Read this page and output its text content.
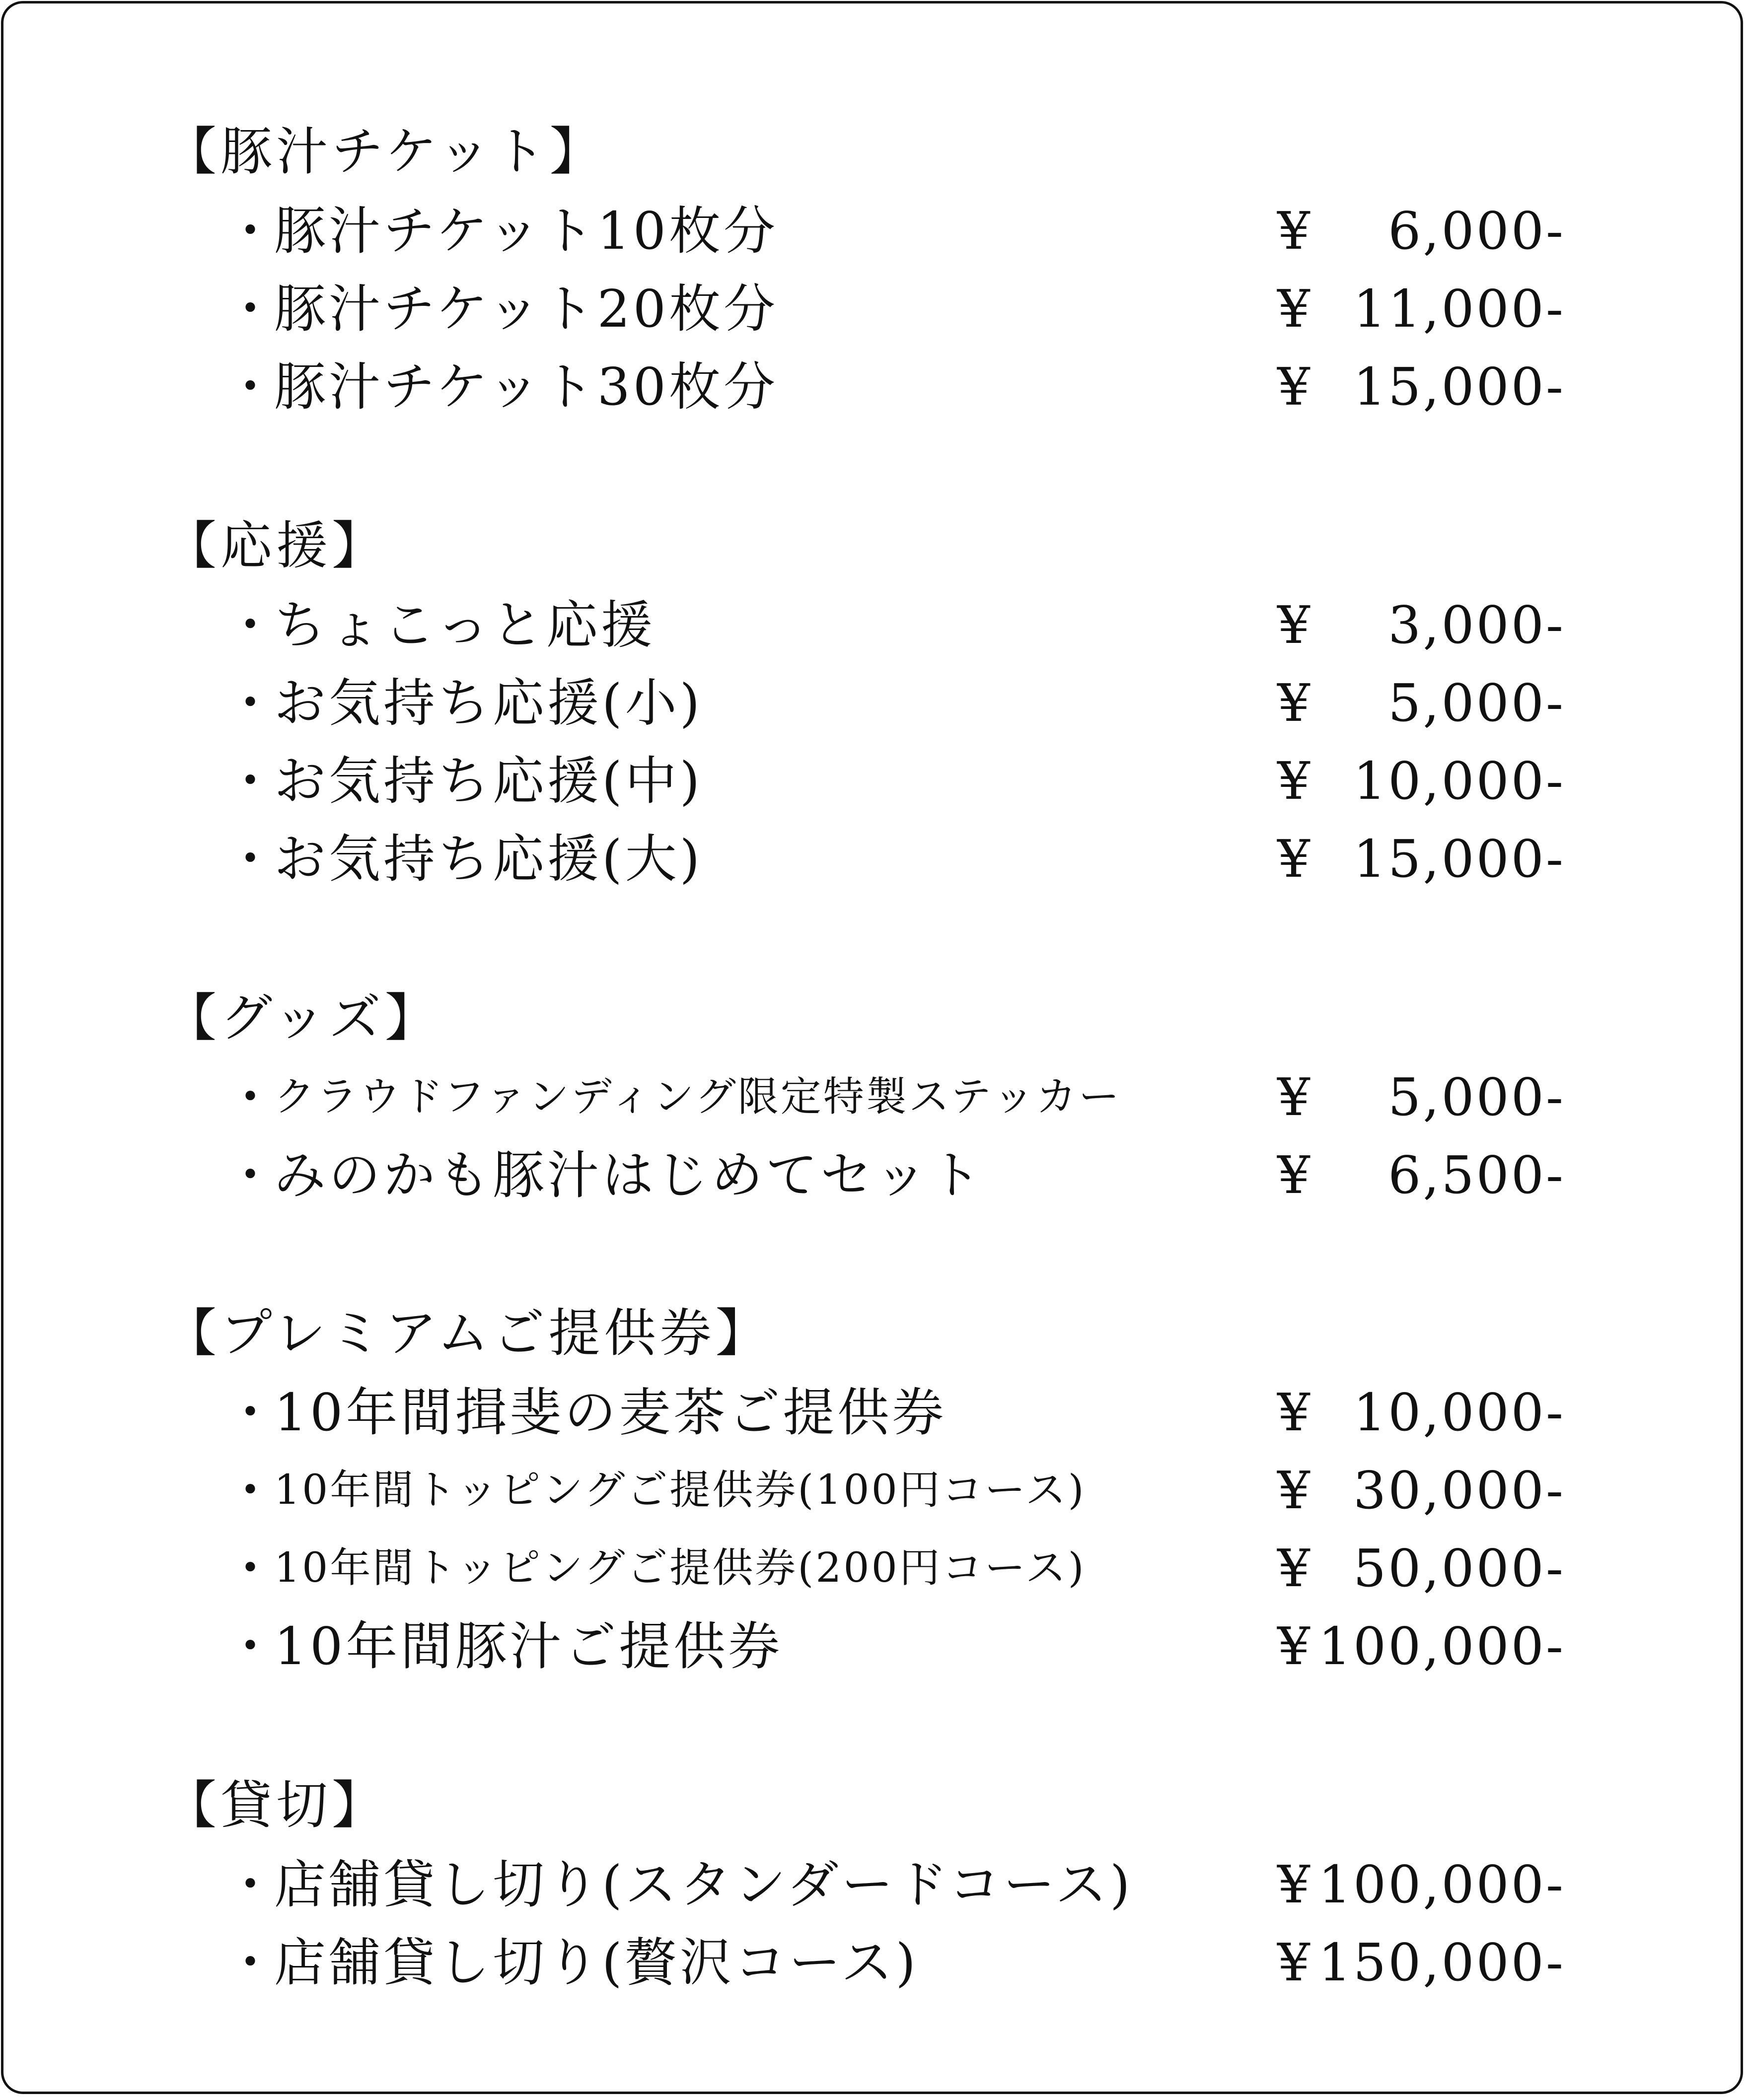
【豚汁チケット】
・
豚汁チケット10枚分	¥ 6,000-
・
豚汁チケット20枚分	¥ 11,000-
・
豚汁チケット30枚分	¥ 15,000-
【応援】
・
ちょこっと応援	¥ 3,000-
・
お気持ち応援(小)	¥ 5,000-
・
お気持ち応援(中)	¥ 10,000-
・
お気持ち応援(大)	¥ 15,000-
【グッズ】
・
クラウドファンディング限定特製ステッカー	¥ 5,000-
・
みのかも豚汁はじめてセット	¥ 6,500-
【プレミアムご提供券】
・
10年間揖斐の麦茶ご提供券	¥ 10,000-
・
10年間トッピングご提供券(100円コース)	¥ 30,000-
・
10年間トッピングご提供券(200円コース)	¥ 50,000-
・
10年間豚汁ご提供券	¥ 100,000-
【貸切】
・
店舗貸し切り(スタンダードコース)	¥ 100,000-
・
店舗貸し切り(贅沢コース)	¥ 150,000-
